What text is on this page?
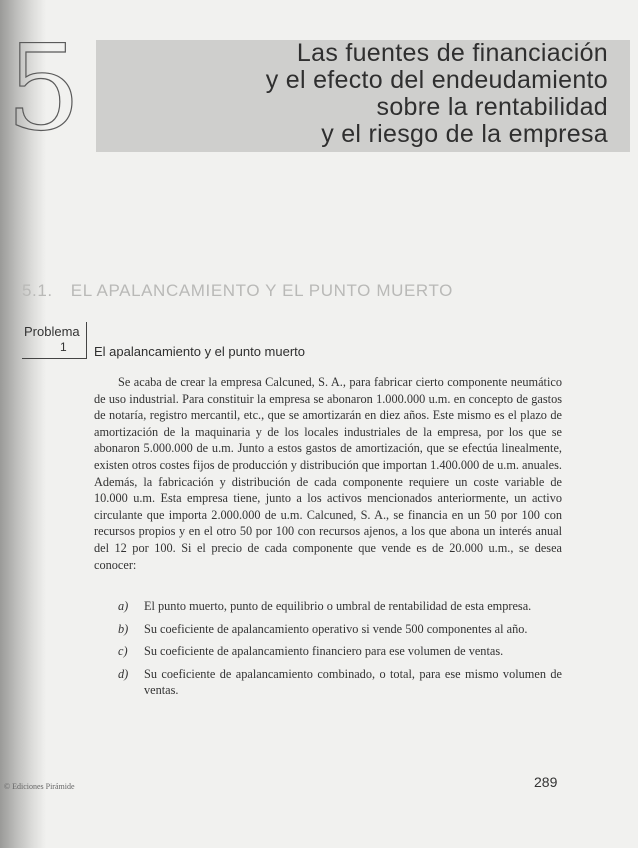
5	Las fuentes de financiación
y el efecto del endeudamiento
sobre la rentabilidad
y el riesgo de la empresa
5.1. EL APALANCAMIENTO Y EL PUNTO MUERTO
Problema
1 El apalancamiento y el punto muerto

Se acaba de crear la empresa Calcuned, S. A., para fabricar cierto componente neumático de uso industrial. Para constituir la empresa se abonaron 1.000.000 u.m. en concepto de gastos de notaría, registro mercantil, etc., que se amortizarán en diez años. Este mismo es el plazo de amortización de la maquinaria y de los locales industriales de la empresa, por los que se abonaron 5.000.000 de u.m. Junto a estos gastos de amortización, que se efectúa linealmente, existen otros costes fijos de producción y distribución que importan 1.400.000 de u.m. anuales. Además, la fabricación y distribución de cada componente requiere un coste variable de 10.000 u.m. Esta empresa tiene, junto a los activos mencionados anteriormente, un activo circulante que importa 2.000.000 de u.m. Calcuned, S. A., se financia en un 50 por 100 con recursos propios y en el otro 50 por 100 con recursos ajenos, a los que abona un interés anual del 12 por 100. Si el precio de cada componente que vende es de 20.000 u.m., se desea conocer:

a) El punto muerto, punto de equilibrio o umbral de rentabilidad de esta empresa.
b) Su coeficiente de apalancamiento operativo si vende 500 componentes al año.
c) Su coeficiente de apalancamiento financiero para ese volumen de ventas.
d) Su coeficiente de apalancamiento combinado, o total, para ese mismo volumen de ventas.
© Ediciones Pirámide	289
